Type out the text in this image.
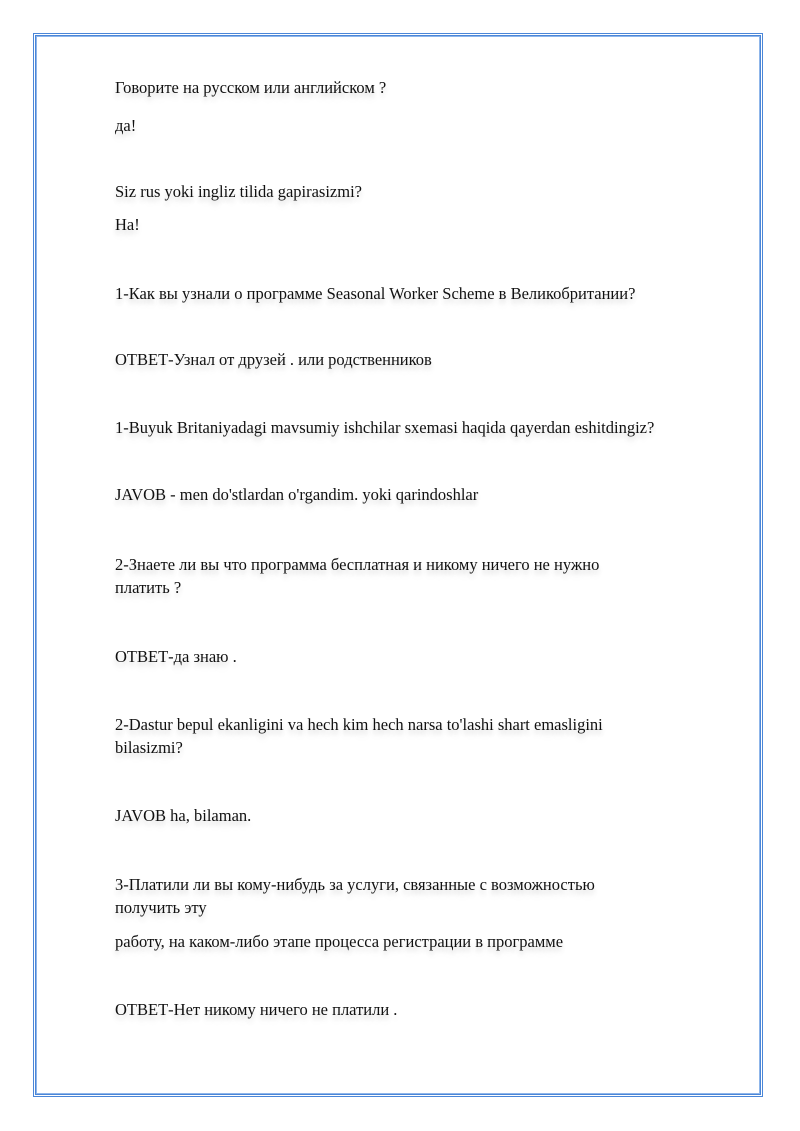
Говорите на русском или английском ?

да!

Siz rus yoki ingliz tilida gapirasizmi?

Ha!

1-Как вы узнали о программе Seasonal Worker Scheme в Великобритании?

ОТВЕТ-Узнал от друзей . или родственников

1-Buyuk Britaniyadagi mavsumiy ishchilar sxemasi haqida qayerdan eshitdingiz?

JAVOB - men do'stlardan o'rgandim. yoki qarindoshlar

2-Знаете ли вы что программа бесплатная и никому ничего не нужно

платить ?

ОТВЕТ-да знаю .

2-Dastur bepul ekanligini va hech kim hech narsa to'lashi shart emasligini

bilasizmi?

JAVOB ha, bilaman.

3-Платили ли вы кому-нибудь за услуги, связанные с возможностью

получить эту

работу, на каком-либо этапе процесса регистрации в программе

ОТВЕТ-Нет никому ничего не платили .
